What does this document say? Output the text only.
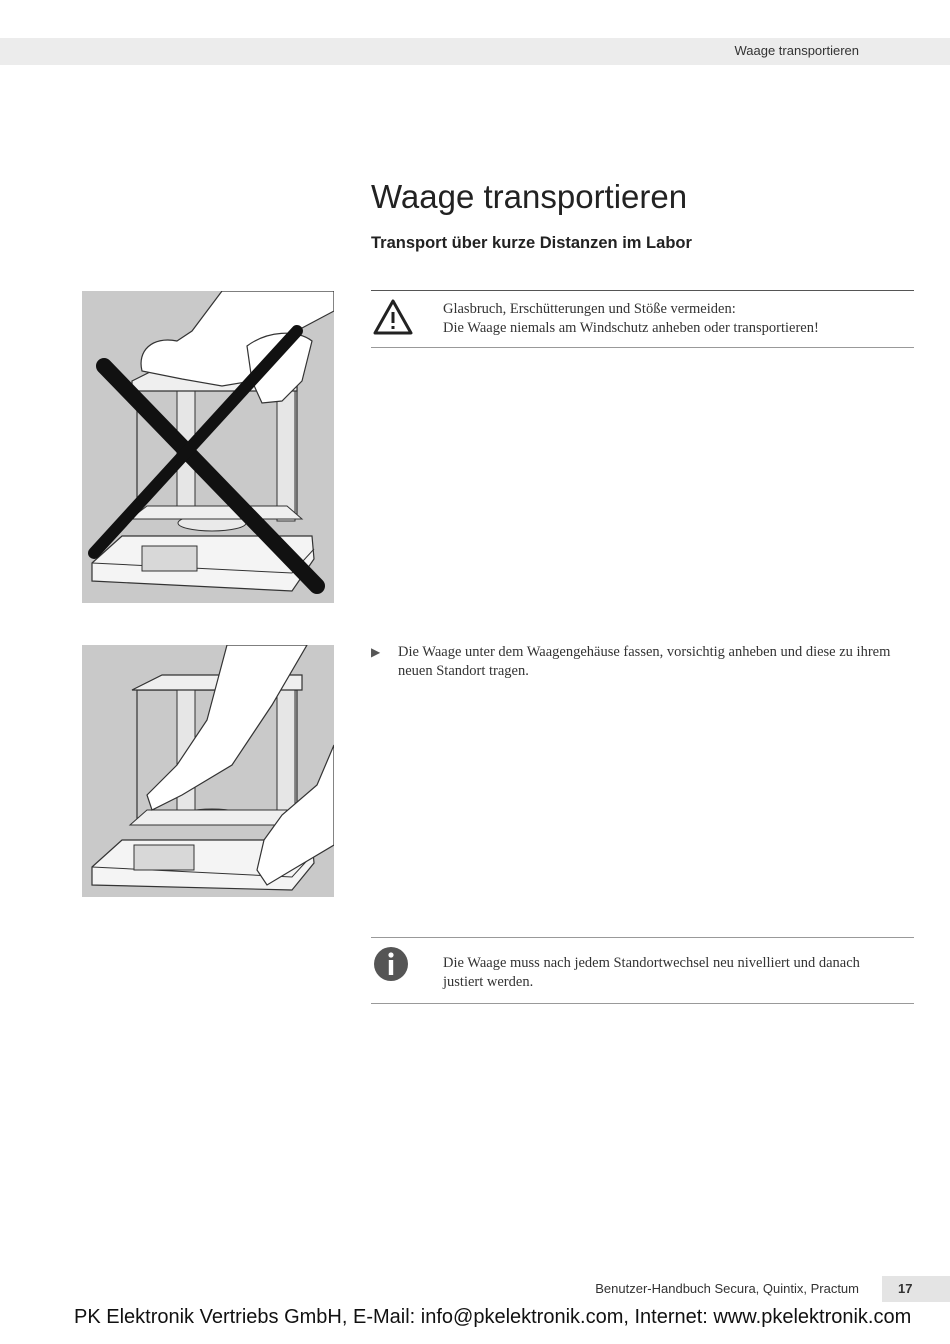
Waage transportieren
Waage transportieren
Transport über kurze Distanzen im Labor
Glasbruch, Erschütterungen und Stöße vermeiden:
Die Waage niemals am Windschutz anheben oder transportieren!
▶ Die Waage unter dem Waagengehäuse fassen, vorsichtig anheben und diese zu ihrem neuen Standort tragen.
Die Waage muss nach jedem Standortwechsel neu nivelliert und danach
justiert werden.
Benutzer-Handbuch Secura, Quintix, Practum	17
PK Elektronik Vertriebs GmbH, E-Mail: info@pkelektronik.com, Internet: www.pkelektronik.com
